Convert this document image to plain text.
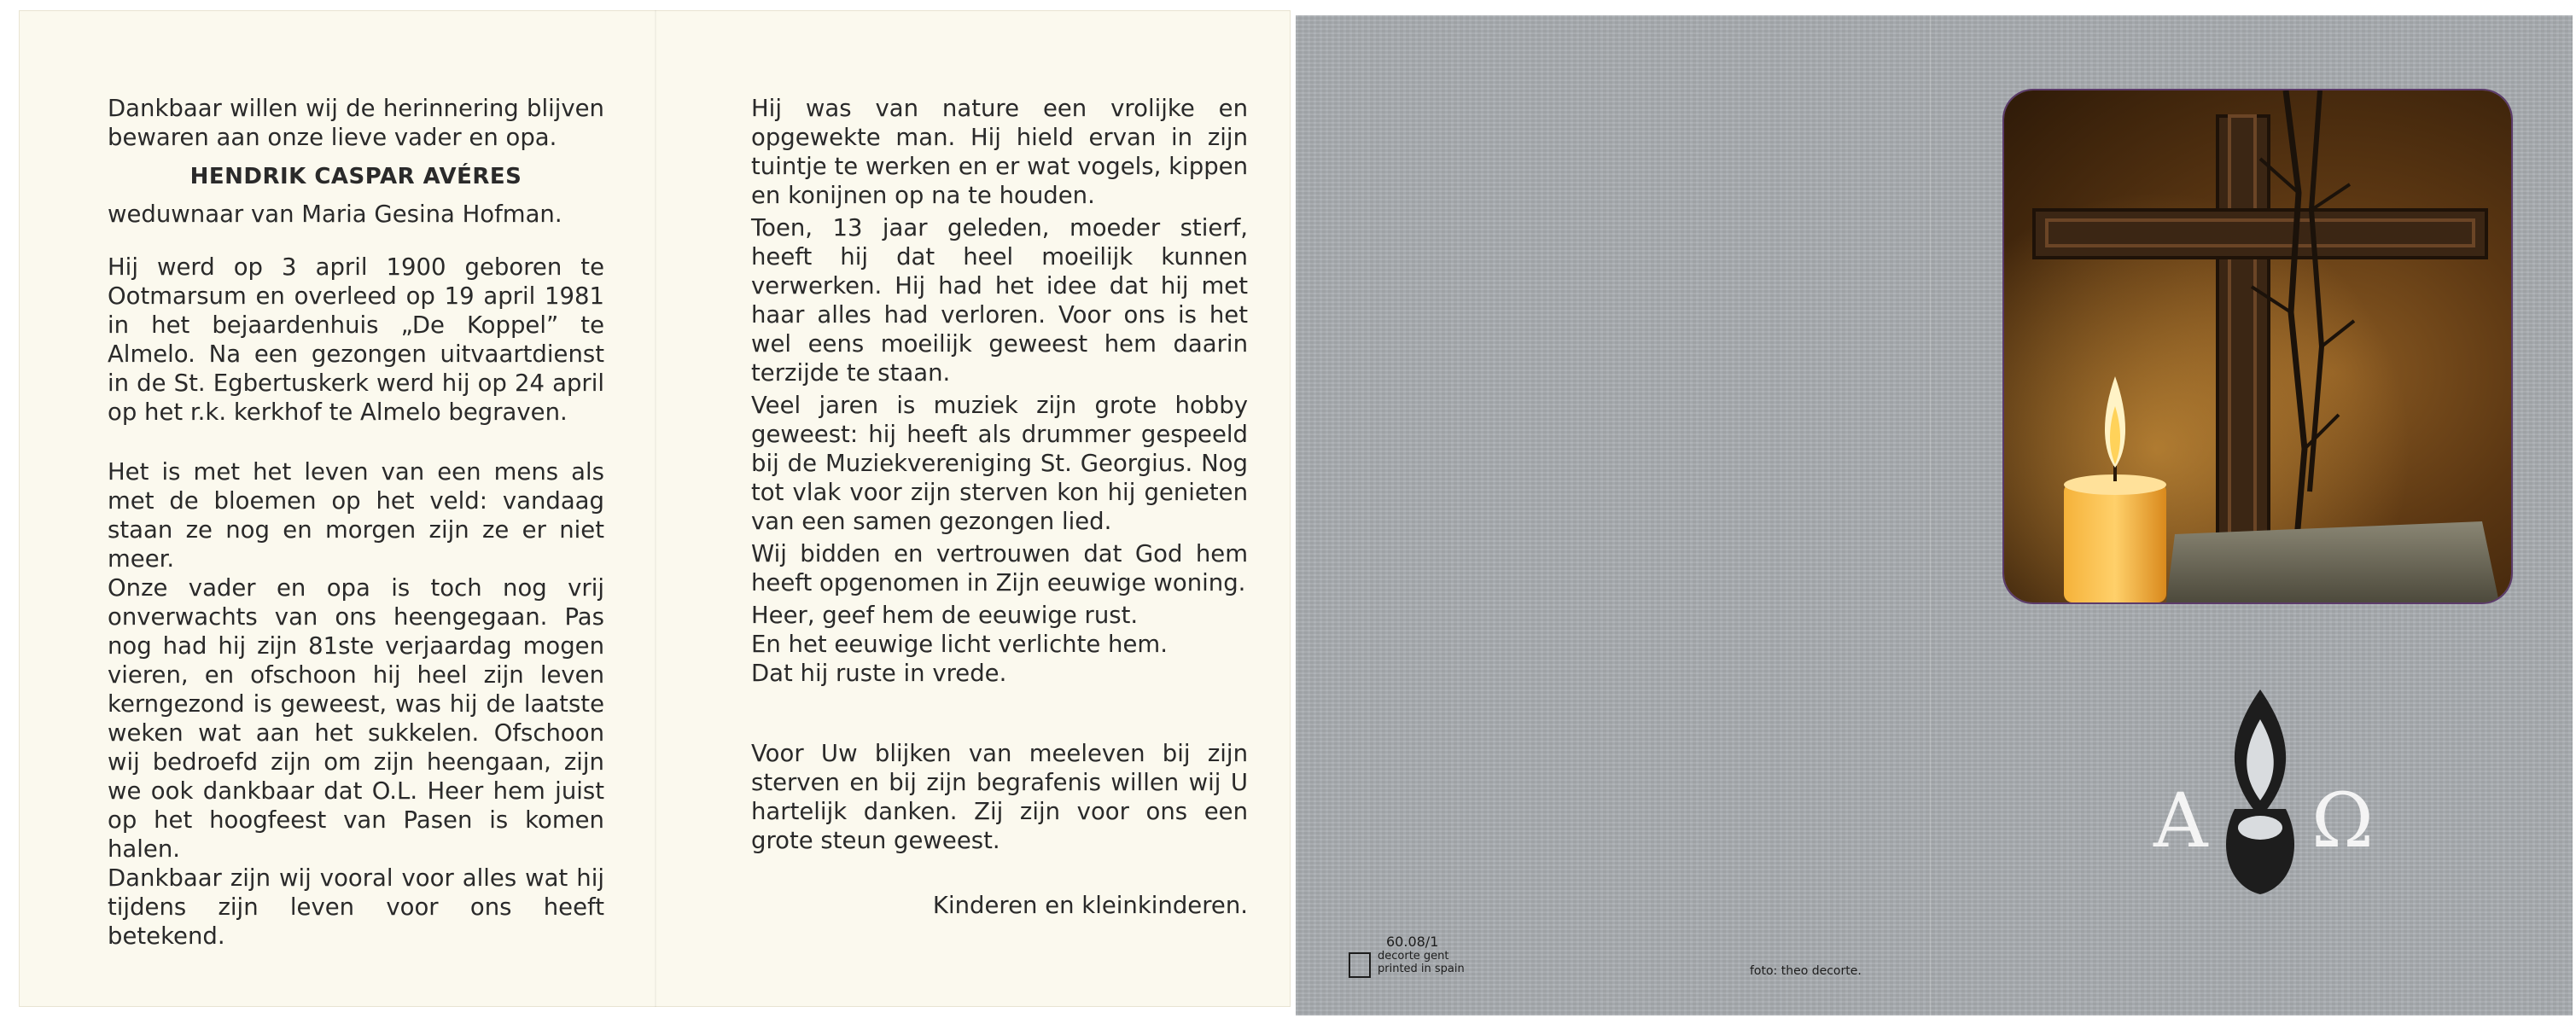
Dankbaar willen wij de herinnering blijven bewaren aan onze lieve vader en opa.

HENDRIK CASPAR AVÉRES

weduwnaar van Maria Gesina Hofman.

Hij werd op 3 april 1900 geboren te Ootmarsum en overleed op 19 april 1981 in het bejaardenhuis „De Koppel” te Almelo. Na een gezongen uitvaartdienst in de St. Egbertuskerk werd hij op 24 april op het r.k. kerkhof te Almelo begraven.

Het is met het leven van een mens als met de bloemen op het veld: vandaag staan ze nog en morgen zijn ze er niet meer.

Onze vader en opa is toch nog vrij onverwachts van ons heengegaan. Pas nog had hij zijn 81ste verjaardag mogen vieren, en ofschoon hij heel zijn leven kerngezond is geweest, was hij de laatste weken wat aan het sukkelen. Ofschoon wij bedroefd zijn om zijn heengaan, zijn we ook dankbaar dat O.L. Heer hem juist op het hoogfeest van Pasen is komen halen.

Dankbaar zijn wij vooral voor alles wat hij tijdens zijn leven voor ons heeft betekend.

Hij was van nature een vrolijke en opgewekte man. Hij hield ervan in zijn tuintje te werken en er wat vogels, kippen en konijnen op na te houden.

Toen, 13 jaar geleden, moeder stierf, heeft hij dat heel moeilijk kunnen verwerken. Hij had het idee dat hij met haar alles had verloren. Voor ons is het wel eens moeilijk geweest hem daarin terzijde te staan.

Veel jaren is muziek zijn grote hobby geweest: hij heeft als drummer gespeeld bij de Muziekvereniging St. Georgius. Nog tot vlak voor zijn sterven kon hij genieten van een samen gezongen lied.

Wij bidden en vertrouwen dat God hem heeft opgenomen in Zijn eeuwige woning.

Heer, geef hem de eeuwige rust.

En het eeuwige licht verlichte hem.

Dat hij ruste in vrede.

Voor Uw blijken van meeleven bij zijn sterven en bij zijn begrafenis willen wij U hartelijk danken. Zij zijn voor ons een grote steun geweest.

Kinderen en kleinkinderen.

Α Ω
60.08/1
decorte gent
printed in spain	foto: theo decorte.
